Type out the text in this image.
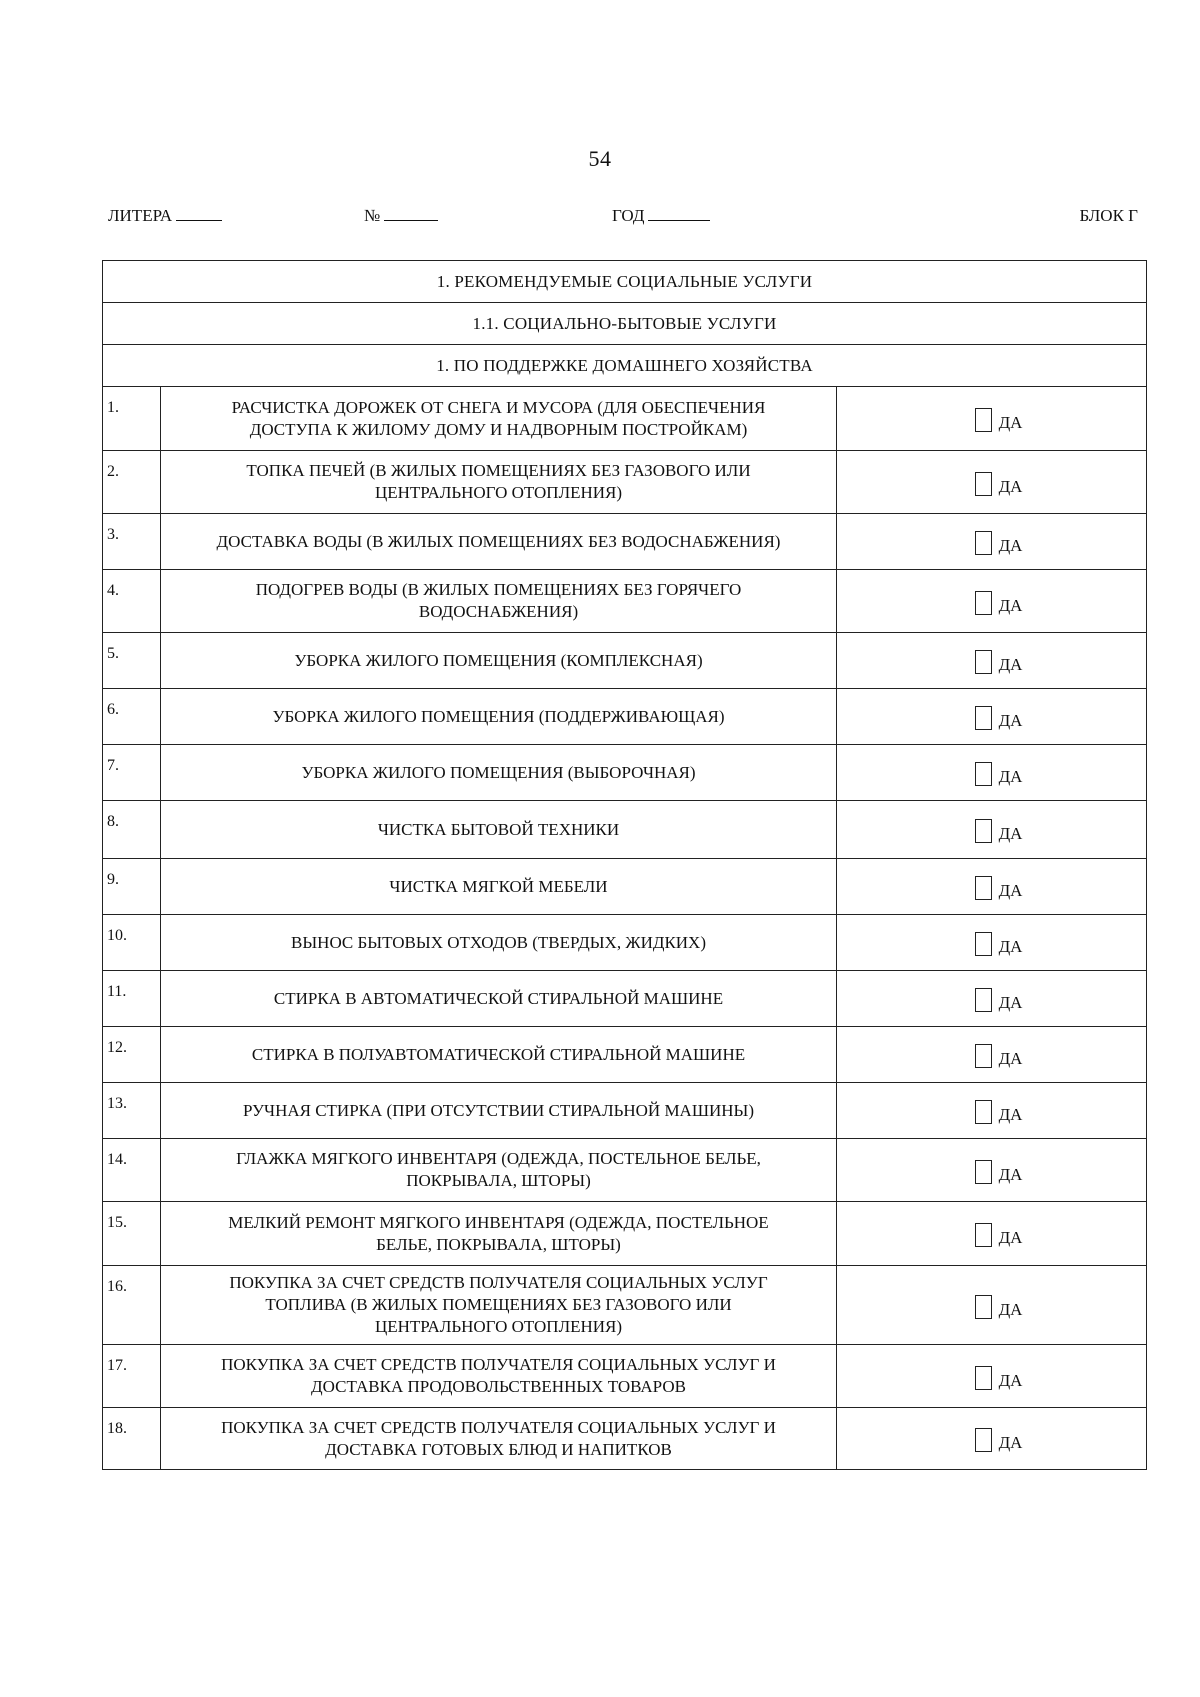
54
ЛИТЕРА	№	ГОД	БЛОК Г
1. РЕКОМЕНДУЕМЫЕ СОЦИАЛЬНЫЕ УСЛУГИ		
1.1. СОЦИАЛЬНО-БЫТОВЫЕ УСЛУГИ		
1. ПО ПОДДЕРЖКЕ ДОМАШНЕГО ХОЗЯЙСТВА		
1.	РАСЧИСТКА ДОРОЖЕК ОТ СНЕГА И МУСОРА (ДЛЯ ОБЕСПЕЧЕНИЯ
ДОСТУПА К ЖИЛОМУ ДОМУ И НАДВОРНЫМ ПОСТРОЙКАМ)	ДА

2.	ТОПКА ПЕЧЕЙ (В ЖИЛЫХ ПОМЕЩЕНИЯХ БЕЗ ГАЗОВОГО ИЛИ
ЦЕНТРАЛЬНОГО ОТОПЛЕНИЯ)	ДА

3.	ДОСТАВКА ВОДЫ (В ЖИЛЫХ ПОМЕЩЕНИЯХ БЕЗ ВОДОСНАБЖЕНИЯ)	ДА

4.	ПОДОГРЕВ ВОДЫ (В ЖИЛЫХ ПОМЕЩЕНИЯХ БЕЗ ГОРЯЧЕГО
ВОДОСНАБЖЕНИЯ)	ДА

5.	УБОРКА ЖИЛОГО ПОМЕЩЕНИЯ (КОМПЛЕКСНАЯ)	ДА

6.	УБОРКА ЖИЛОГО ПОМЕЩЕНИЯ (ПОДДЕРЖИВАЮЩАЯ)	ДА

7.	УБОРКА ЖИЛОГО ПОМЕЩЕНИЯ (ВЫБОРОЧНАЯ)	ДА

8.	ЧИСТКА БЫТОВОЙ ТЕХНИКИ	ДА

9.	ЧИСТКА МЯГКОЙ МЕБЕЛИ	ДА

10.	ВЫНОС БЫТОВЫХ ОТХОДОВ (ТВЕРДЫХ, ЖИДКИХ)	ДА

11.	СТИРКА В АВТОМАТИЧЕСКОЙ СТИРАЛЬНОЙ МАШИНЕ	ДА

12.	СТИРКА В ПОЛУАВТОМАТИЧЕСКОЙ СТИРАЛЬНОЙ МАШИНЕ	ДА

13.	РУЧНАЯ СТИРКА (ПРИ ОТСУТСТВИИ СТИРАЛЬНОЙ МАШИНЫ)	ДА

14.	ГЛАЖКА МЯГКОГО ИНВЕНТАРЯ (ОДЕЖДА, ПОСТЕЛЬНОЕ БЕЛЬЕ,
ПОКРЫВАЛА, ШТОРЫ)	ДА

15.	МЕЛКИЙ РЕМОНТ МЯГКОГО ИНВЕНТАРЯ (ОДЕЖДА, ПОСТЕЛЬНОЕ
БЕЛЬЕ, ПОКРЫВАЛА, ШТОРЫ)	ДА

16.	ПОКУПКА ЗА СЧЕТ СРЕДСТВ ПОЛУЧАТЕЛЯ СОЦИАЛЬНЫХ УСЛУГ
ТОПЛИВА (В ЖИЛЫХ ПОМЕЩЕНИЯХ БЕЗ ГАЗОВОГО ИЛИ
ЦЕНТРАЛЬНОГО ОТОПЛЕНИЯ)	ДА

17.	ПОКУПКА ЗА СЧЕТ СРЕДСТВ ПОЛУЧАТЕЛЯ СОЦИАЛЬНЫХ УСЛУГ И
ДОСТАВКА ПРОДОВОЛЬСТВЕННЫХ ТОВАРОВ	ДА

18.	ПОКУПКА ЗА СЧЕТ СРЕДСТВ ПОЛУЧАТЕЛЯ СОЦИАЛЬНЫХ УСЛУГ И
ДОСТАВКА ГОТОВЫХ БЛЮД И НАПИТКОВ	ДА
